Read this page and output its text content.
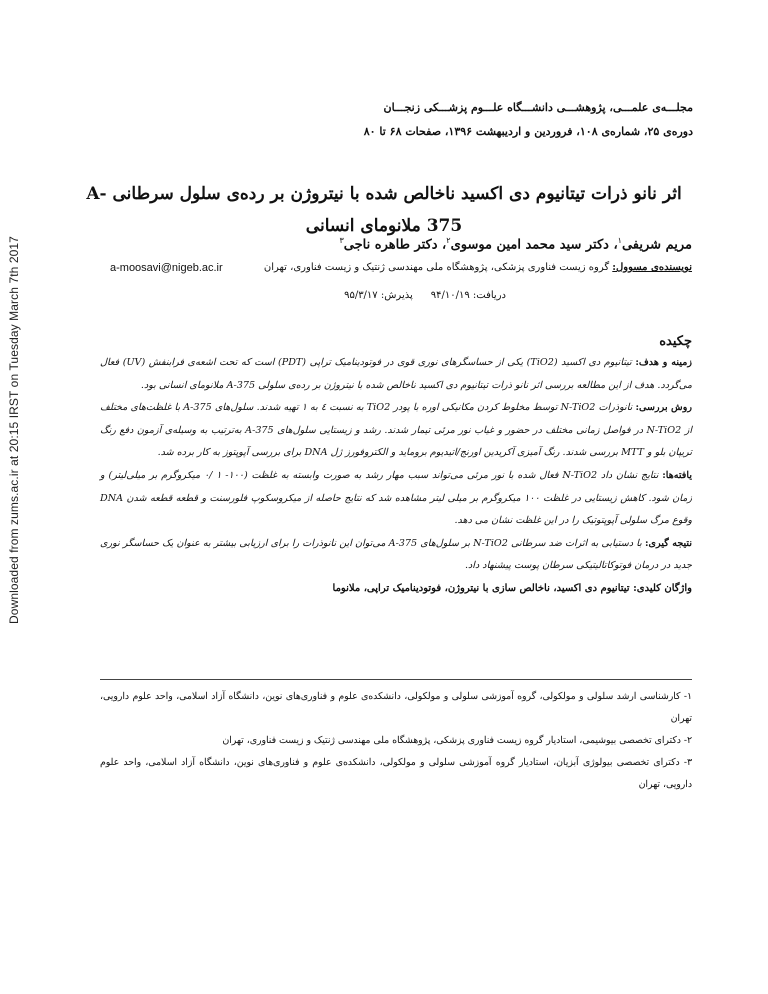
Downloaded from zums.ac.ir at 20:15 IRST on Tuesday March 7th 2017
مجلـــه‌ی علمـــی، پژوهشـــی دانشـــگاه علـــوم پزشـــکی زنجـــان
دوره‌ی ۲۵، شماره‌ی ۱۰۸، فروردین و اردیبهشت ۱۳۹۶، صفحات ۶۸ تا ۸۰
اثر نانو ذرات تیتانیوم دی اکسید ناخالص شده با نیتروژن بر رده‌ی سلول سرطانی A-375 ملانومای انسانی
مریم شریفی$^۱$، دکتر سید محمد امین موسوی$^۲$، دکتر طاهره ناجی$^۳$
نویسنده‌ی مسوول: گروه زیست فناوری پزشکی، پژوهشگاه ملی مهندسی ژنتیک و زیست فناوری، تهران
a-moosavi@nigeb.ac.ir
دریافت: ۹۴/۱۰/۱۹پذیرش: ۹۵/۳/۱۷
چکیده

زمینه و هدف: تیتانیوم دی اکسید (TiO2) یکی از حساسگرهای نوری قوی در فوتودینامیک تراپی (PDT) است که تحت اشعه‌ی فرابنفش (UV) فعال می‌گردد. هدف از این مطالعه بررسی اثر نانو ذرات تیتانیوم دی اکسید ناخالص شده با نیتروژن بر رده‌ی سلولی A-375 ملانومای انسانی بود.

روش بررسی: نانوذرات N-TiO2 توسط مخلوط کردن مکانیکی اوره با پودر TiO2 به نسبت ٤ به ١ تهیه شدند. سلول‌های A-375 با غلظت‌های مختلف از N-TiO2 در فواصل زمانی مختلف در حضور و غیاب نور مرئی تیمار شدند. رشد و زیستایی سلول‌های A-375 به‌ترتیب به وسیله‌ی آزمون دفع رنگ تریپان بلو و MTT بررسی شدند. رنگ آمیزی آکریدین اورنج/اتیدیوم بروماید و الکتروفورز ژل DNA برای بررسی آپوپتوز به کار برده شد.

یافته‌ها: نتایج نشان داد N-TiO2 فعال شده با نور مرئی می‌تواند سبب مهار رشد به صورت وابسته به غلظت (١٠٠- ١ /٠ میکروگرم بر میلی‌لیتر) و زمان شود. کاهش زیستایی در غلظت ١٠٠ میکروگرم بر میلی لیتر مشاهده شد که نتایج حاصله از میکروسکوپ فلورسنت و قطعه قطعه شدن DNA وقوع مرگ سلولی آپوپتوتیک را در این غلظت نشان می دهد.

نتیجه گیری: با دستیابی به اثرات ضد سرطانی N-TiO2 بر سلول‌های A-375 می‌توان این نانوذرات را برای ارزیابی بیشتر به عنوان یک حساسگر نوری جدید در درمان فوتوکاتالیتیکی سرطان پوست پیشنهاد داد.

واژگان کلیدی: تیتانیوم دی اکسید، ناخالص سازی با نیتروژن، فوتودینامیک تراپی، ملانوما

۱- کارشناسی ارشد سلولی و مولکولی، گروه آموزشی سلولی و مولکولی، دانشکده‌ی علوم و فناوری‌های نوین، دانشگاه آزاد اسلامی، واحد علوم دارویی، تهران

۲- دکترای تخصصی بیوشیمی، استادیار گروه زیست فناوری پزشکی، پژوهشگاه ملی مهندسی ژنتیک و زیست فناوری، تهران

۳- دکترای تخصصی بیولوژی آبزیان، استادیار گروه آموزشی سلولی و مولکولی، دانشکده‌ی علوم و فناوری‌های نوین، دانشگاه آزاد اسلامی، واحد علوم دارویی، تهران
